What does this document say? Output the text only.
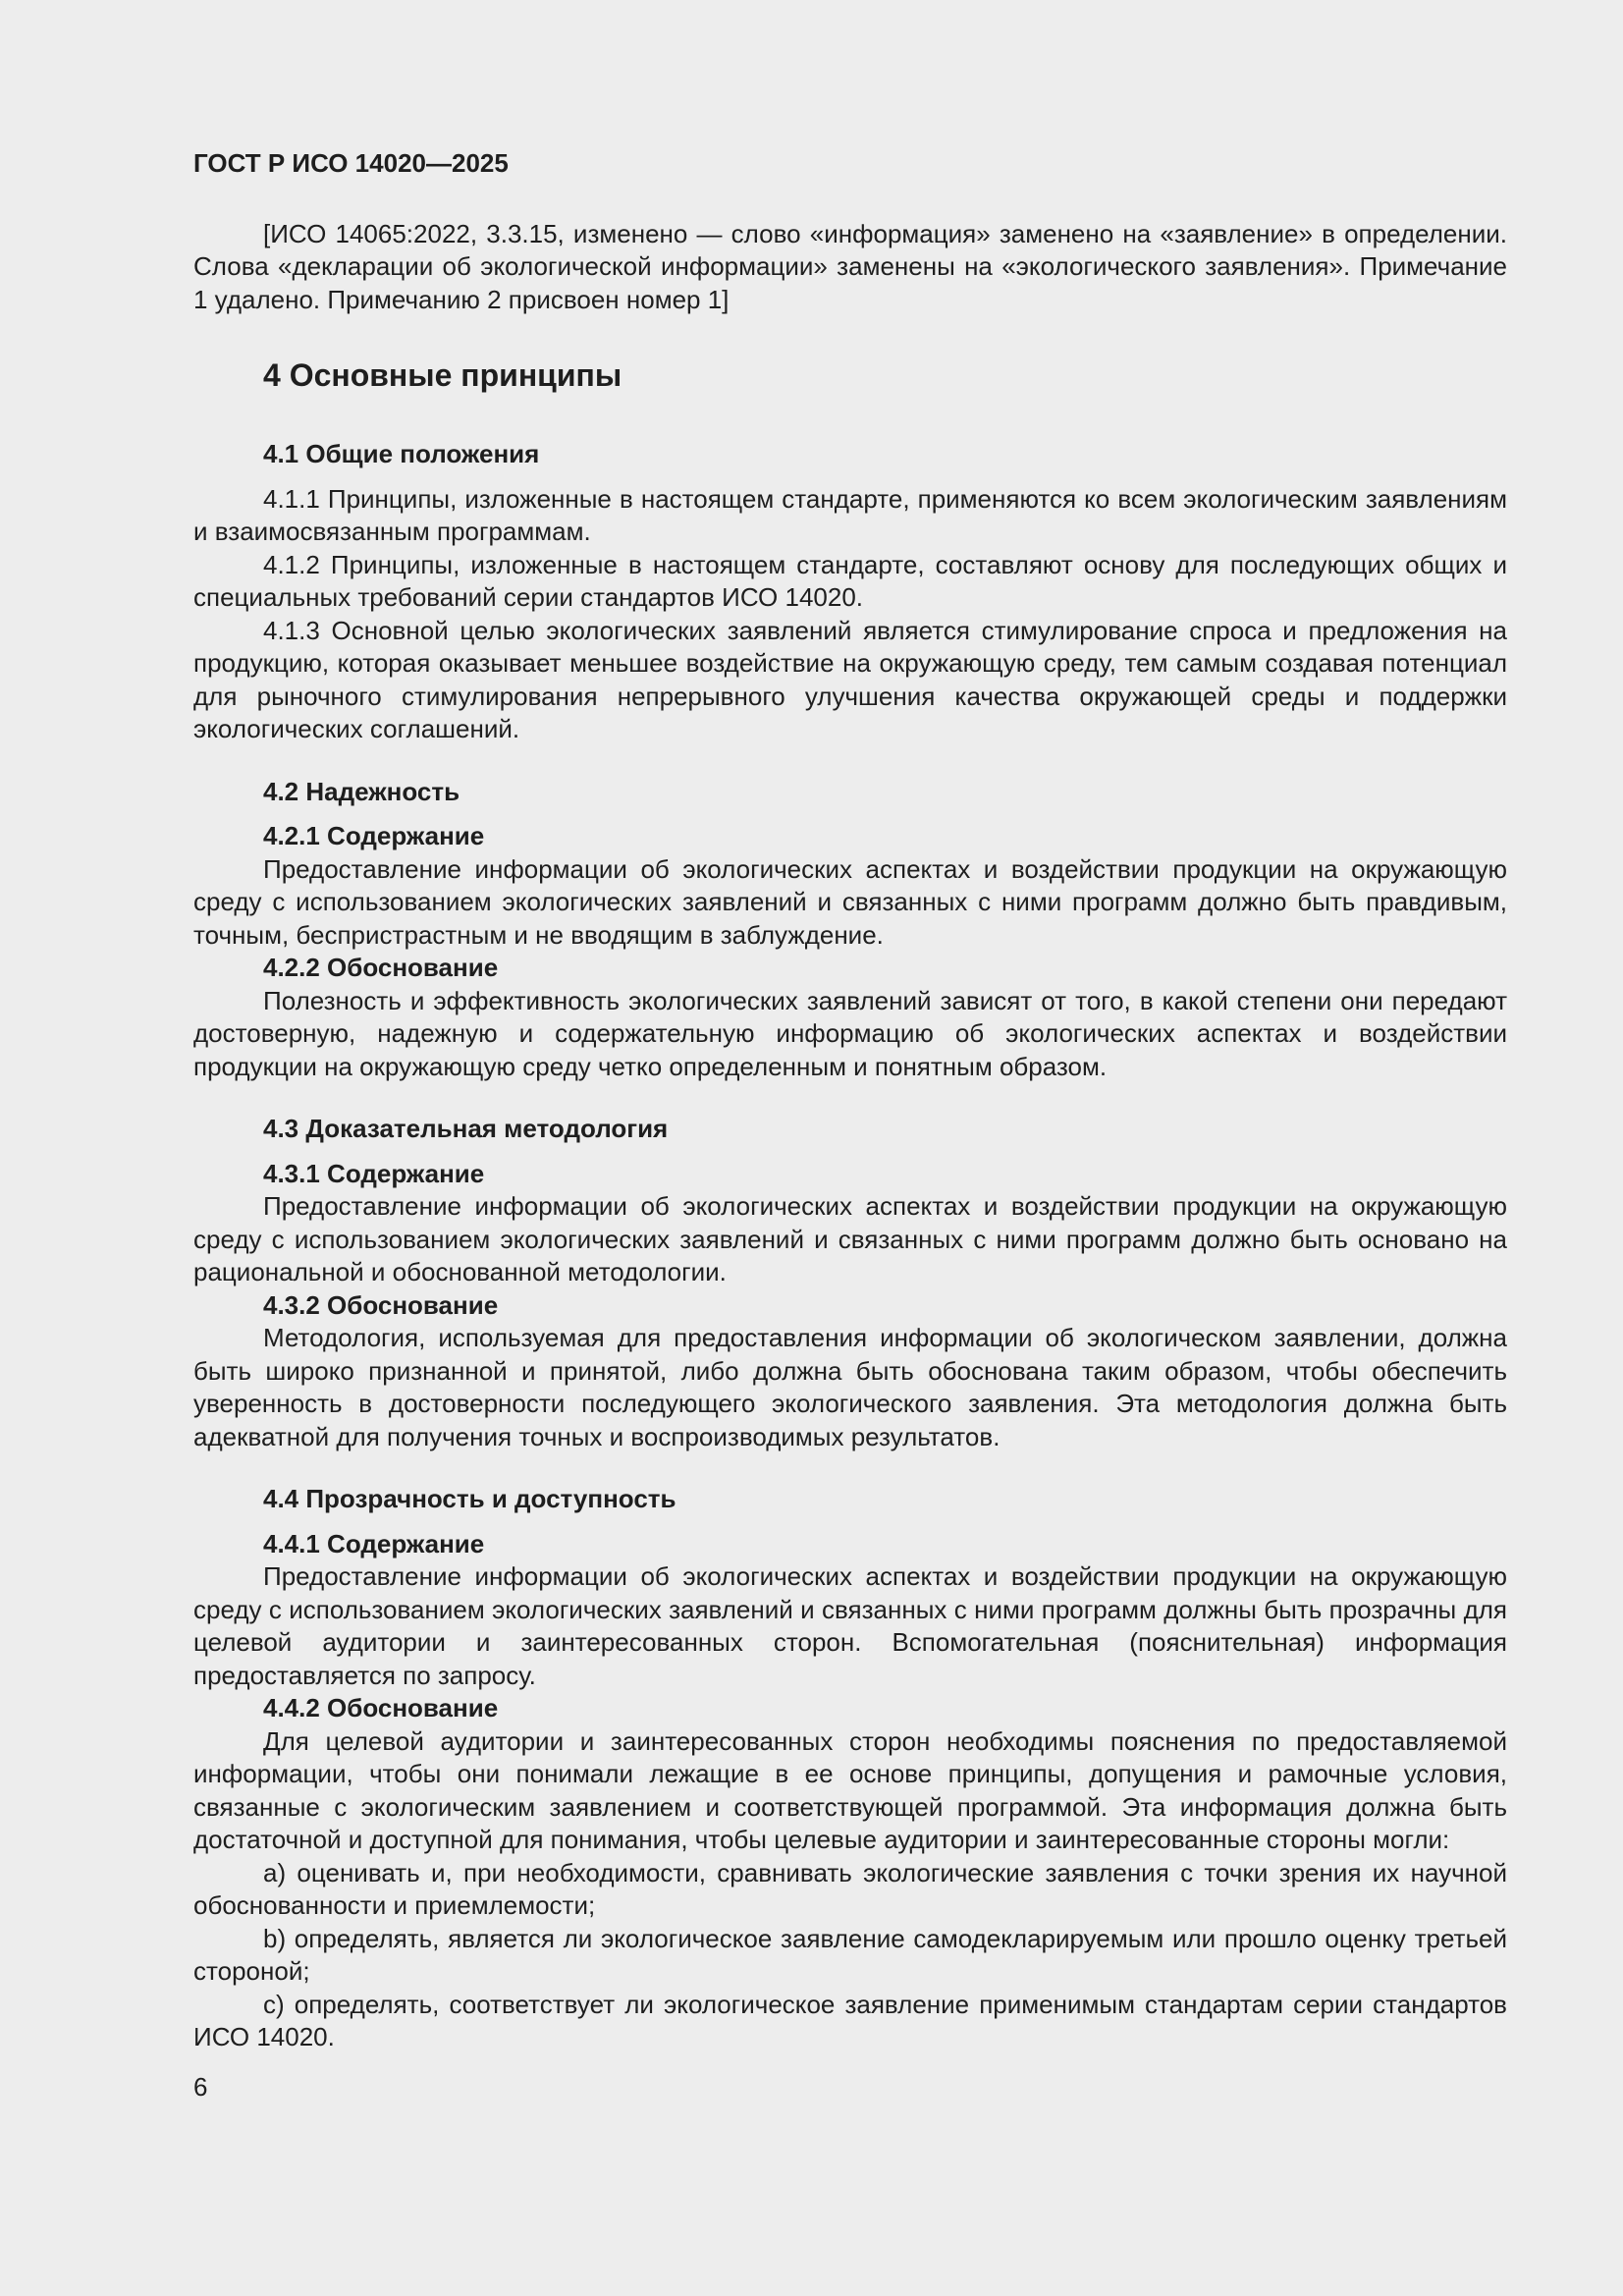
ГОСТ Р ИСО 14020—2025

[ИСО 14065:2022, 3.3.15, изменено — слово «информация» заменено на «заявление» в определении. Слова «декларации об экологической информации» заменены на «экологического заявления». Примечание 1 удалено. Примечанию 2 присвоен номер 1]

4 Основные принципы
4.1 Общие положения

4.1.1 Принципы, изложенные в настоящем стандарте, применяются ко всем экологическим заявлениям и взаимосвязанным программам.

4.1.2 Принципы, изложенные в настоящем стандарте, составляют основу для последующих общих и специальных требований серии стандартов ИСО 14020.

4.1.3 Основной целью экологических заявлений является стимулирование спроса и предложения на продукцию, которая оказывает меньшее воздействие на окружающую среду, тем самым создавая потенциал для рыночного стимулирования непрерывного улучшения качества окружающей среды и поддержки экологических соглашений.

4.2 Надежность
4.2.1 Содержание

Предоставление информации об экологических аспектах и воздействии продукции на окружающую среду с использованием экологических заявлений и связанных с ними программ должно быть правдивым, точным, беспристрастным и не вводящим в заблуждение.

4.2.2 Обоснование

Полезность и эффективность экологических заявлений зависят от того, в какой степени они передают достоверную, надежную и содержательную информацию об экологических аспектах и воздействии продукции на окружающую среду четко определенным и понятным образом.

4.3 Доказательная методология
4.3.1 Содержание

Предоставление информации об экологических аспектах и воздействии продукции на окружающую среду с использованием экологических заявлений и связанных с ними программ должно быть основано на рациональной и обоснованной методологии.

4.3.2 Обоснование

Методология, используемая для предоставления информации об экологическом заявлении, должна быть широко признанной и принятой, либо должна быть обоснована таким образом, чтобы обеспечить уверенность в достоверности последующего экологического заявления. Эта методология должна быть адекватной для получения точных и воспроизводимых результатов.

4.4 Прозрачность и доступность
4.4.1 Содержание

Предоставление информации об экологических аспектах и воздействии продукции на окружающую среду с использованием экологических заявлений и связанных с ними программ должны быть прозрачны для целевой аудитории и заинтересованных сторон. Вспомогательная (пояснительная) информация предоставляется по запросу.

4.4.2 Обоснование

Для целевой аудитории и заинтересованных сторон необходимы пояснения по предоставляемой информации, чтобы они понимали лежащие в ее основе принципы, допущения и рамочные условия, связанные с экологическим заявлением и соответствующей программой. Эта информация должна быть достаточной и доступной для понимания, чтобы целевые аудитории и заинтересованные стороны могли:

a) оценивать и, при необходимости, сравнивать экологические заявления с точки зрения их научной обоснованности и приемлемости;

b) определять, является ли экологическое заявление самодекларируемым или прошло оценку третьей стороной;

c) определять, соответствует ли экологическое заявление применимым стандартам серии стандартов ИСО 14020.

6
